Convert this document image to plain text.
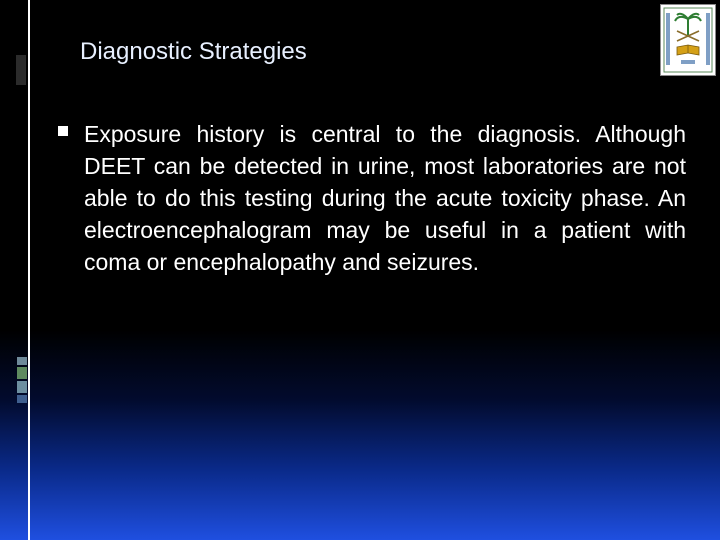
Diagnostic Strategies
Exposure history is central to the diagnosis. Although DEET can be detected in urine, most laboratories are not able to do this testing during the acute toxicity phase. An electroencephalogram may be useful in a patient with coma or encephalopathy and seizures.
